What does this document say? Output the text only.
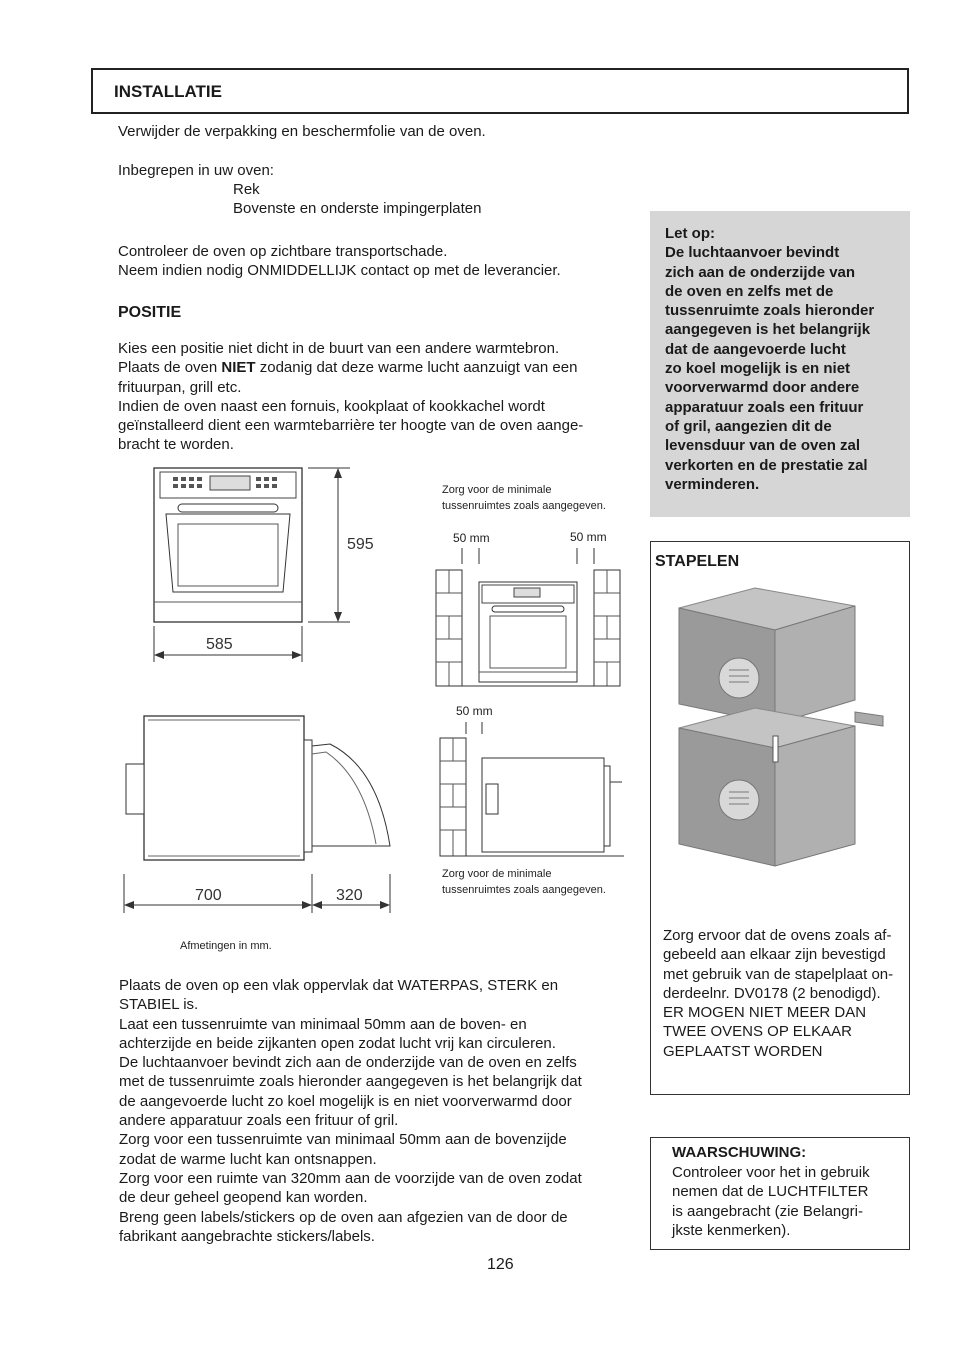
INSTALLATIE
Verwijder de verpakking en beschermfolie van de oven.
Inbegrepen in uw oven:
Rek
Bovenste en onderste impingerplaten
Controleer de oven op zichtbare transportschade.
Neem indien nodig ONMIDDELLIJK contact op met de leverancier.
POSITIE
Kies een positie niet dicht in de buurt van een andere warmtebron.
Plaats de oven NIET zodanig dat deze warme lucht aanzuigt van een
frituurpan, grill etc.
Indien de oven naast een fornuis, kookplaat of kookkachel wordt
geïnstalleerd dient een warmtebarrière ter hoogte van de oven aange-
bracht te worden.
Let op:
De luchtaanvoer bevindt
zich aan de onderzijde van
de oven en zelfs met de
tussenruimte zoals hieronder
aangegeven is het belangrijk
dat de aangevoerde lucht
zo koel mogelijk is en niet
voorverwarmd door andere
apparatuur zoals een frituur
of gril, aangezien dit de
levensduur van de oven zal
verkorten en de prestatie zal
verminderen.
595
585
700	320
Afmetingen in mm.
Zorg voor de minimale
tussenruimtes zoals aangegeven.
50 mm	50 mm
50 mm
Zorg voor de minimale
tussenruimtes zoals aangegeven.
Plaats de oven op een vlak oppervlak dat WATERPAS, STERK en
STABIEL is.
Laat een tussenruimte van minimaal 50mm aan de boven- en
achterzijde en beide zijkanten open zodat lucht vrij kan circuleren.
De luchtaanvoer bevindt zich aan de onderzijde van de oven en zelfs
met de tussenruimte zoals hieronder aangegeven is het belangrijk dat
de aangevoerde lucht zo koel mogelijk is en niet voorverwarmd door
andere apparatuur zoals een frituur of gril.
Zorg voor een tussenruimte van minimaal 50mm aan de bovenzijde
zodat de warme lucht kan ontsnappen.
Zorg voor een ruimte van 320mm aan de voorzijde van de oven zodat
de deur geheel geopend kan worden.
Breng geen labels/stickers op de oven aan afgezien van de door de
fabrikant aangebrachte stickers/labels.
STAPELEN
Zorg ervoor dat de ovens zoals af-
gebeeld aan elkaar zijn bevestigd
met gebruik van de stapelplaat on-
derdeelnr. DV0178 (2 benodigd).
ER MOGEN NIET MEER DAN
TWEE OVENS OP ELKAAR
GEPLAATST WORDEN
WAARSCHUWING:
Controleer voor het in gebruik
nemen dat de LUCHTFILTER
is aangebracht (zie Belangri-
jkste kenmerken).
126
